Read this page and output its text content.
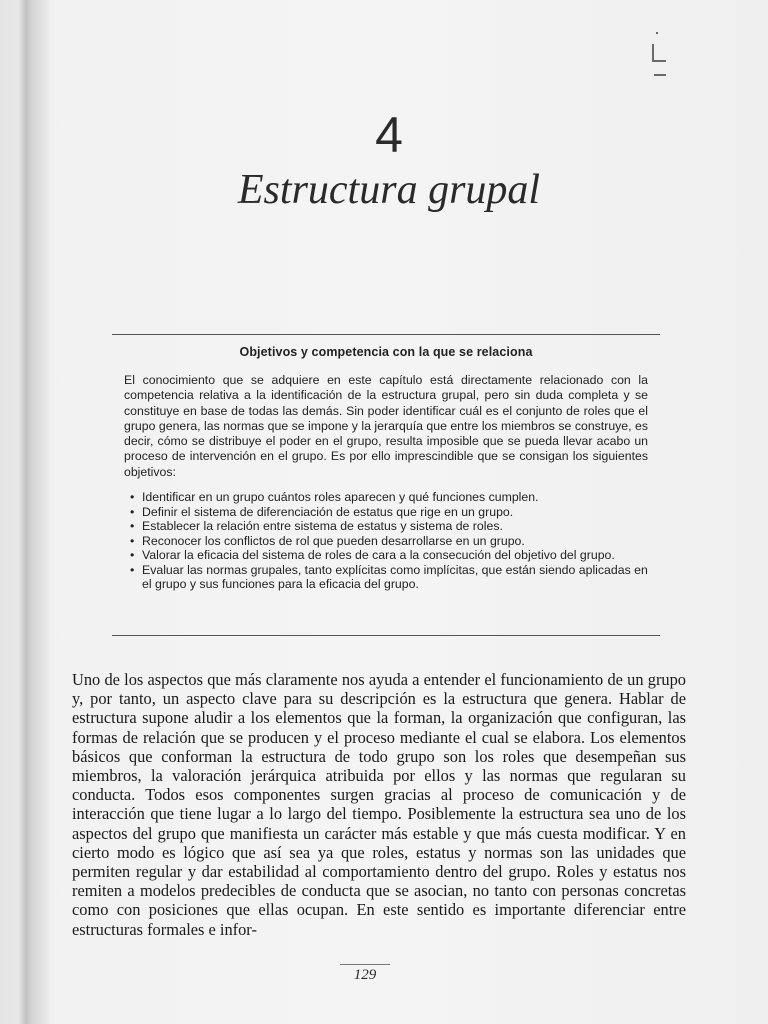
4
Estructura grupal
Objetivos y competencia con la que se relaciona

El conocimiento que se adquiere en este capítulo está directamente relacionado con la competencia relativa a la identificación de la estructura grupal, pero sin duda completa y se constituye en base de todas las demás. Sin poder identificar cuál es el conjunto de roles que el grupo genera, las normas que se impone y la jerarquía que entre los miembros se construye, es decir, cómo se distribuye el poder en el grupo, resulta imposible que se pueda llevar acabo un proceso de intervención en el grupo. Es por ello imprescindible que se consigan los siguientes objetivos:

• Identificar en un grupo cuántos roles aparecen y qué funciones cumplen.
• Definir el sistema de diferenciación de estatus que rige en un grupo.
• Establecer la relación entre sistema de estatus y sistema de roles.
• Reconocer los conflictos de rol que pueden desarrollarse en un grupo.
• Valorar la eficacia del sistema de roles de cara a la consecución del objetivo del grupo.
• Evaluar las normas grupales, tanto explícitas como implícitas, que están siendo aplicadas en el grupo y sus funciones para la eficacia del grupo.

Uno de los aspectos que más claramente nos ayuda a entender el funcionamiento de un grupo y, por tanto, un aspecto clave para su descripción es la estructura que genera. Hablar de estructura supone aludir a los elementos que la forman, la organización que configuran, las formas de relación que se producen y el proceso mediante el cual se elabora. Los elementos básicos que conforman la estructura de todo grupo son los roles que desempeñan sus miembros, la valoración jerárquica atribuida por ellos y las normas que regularan su conducta. Todos esos componentes surgen gracias al proceso de comunicación y de interacción que tiene lugar a lo largo del tiempo. Posiblemente la estructura sea uno de los aspectos del grupo que manifiesta un carácter más estable y que más cuesta modificar. Y en cierto modo es lógico que así sea ya que roles, estatus y normas son las unidades que permiten regular y dar estabilidad al comportamiento dentro del grupo. Roles y estatus nos remiten a modelos predecibles de conducta que se asocian, no tanto con personas concretas como con posiciones que ellas ocupan. En este sentido es importante diferenciar entre estructuras formales e infor-

129
